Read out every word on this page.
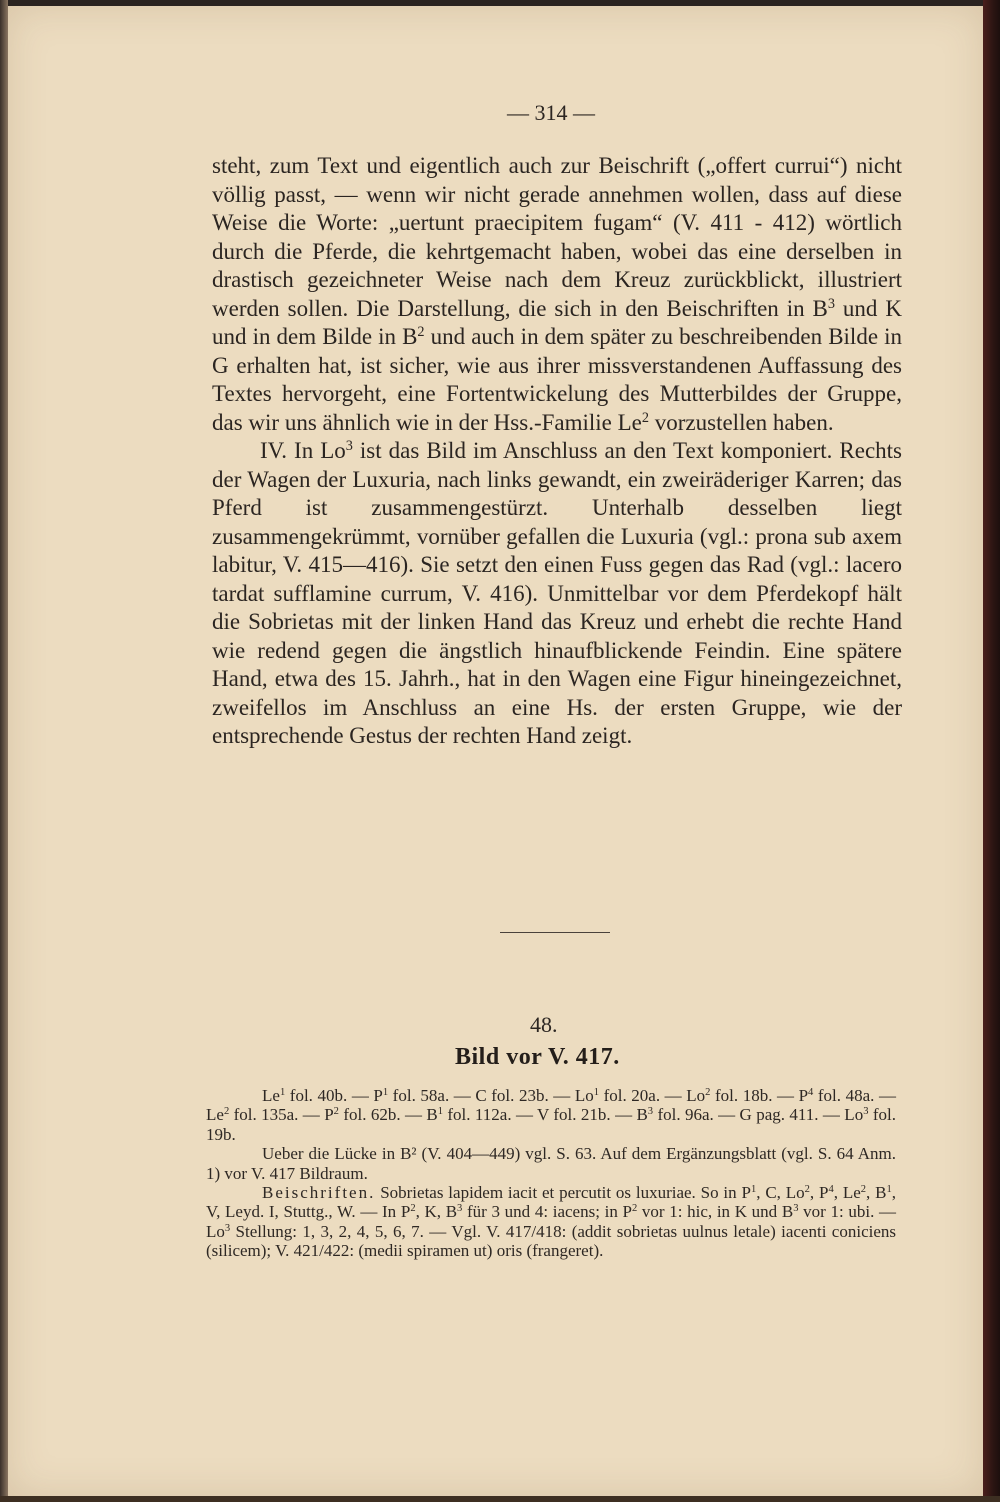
— 314 —

steht, zum Text und eigentlich auch zur Beischrift („offert currui“) nicht völlig passt, — wenn wir nicht gerade annehmen wollen, dass auf diese Weise die Worte: „uertunt praecipitem fugam“ (V. 411 - 412) wörtlich durch die Pferde, die kehrtgemacht haben, wobei das eine derselben in drastisch gezeichneter Weise nach dem Kreuz zurückblickt, illustriert werden sollen. Die Darstellung, die sich in den Beischriften in $B^3$ und K und in dem Bilde in $B^2$ und auch in dem später zu beschreibenden Bilde in G erhalten hat, ist sicher, wie aus ihrer missverstandenen Auffassung des Textes hervorgeht, eine Fortentwickelung des Mutterbildes der Gruppe, das wir uns ähnlich wie in der Hss.-Familie Le$^2$ vorzustellen haben.

IV. In Lo$^3$ ist das Bild im Anschluss an den Text komponiert. Rechts der Wagen der Luxuria, nach links gewandt, ein zweiräderiger Karren; das Pferd ist zusammengestürzt. Unterhalb desselben liegt zusammengekrümmt, vornüber gefallen die Luxuria (vgl.: prona sub axem labitur, V. 415—416). Sie setzt den einen Fuss gegen das Rad (vgl.: lacero tardat sufflamine currum, V. 416). Unmittelbar vor dem Pferdekopf hält die Sobrietas mit der linken Hand das Kreuz und erhebt die rechte Hand wie redend gegen die ängstlich hinaufblickende Feindin. Eine spätere Hand, etwa des 15. Jahrh., hat in den Wagen eine Figur hineingezeichnet, zweifellos im Anschluss an eine Hs. der ersten Gruppe, wie der entsprechende Gestus der rechten Hand zeigt.

48.

Bild vor V. 417.

Le$^1$ fol. 40b. — $P^1$ fol. 58a. — C fol. 23b. — Lo$^1$ fol. 20a. — Lo$^2$ fol. 18b. — $P^4$ fol. 48a. — Le$^2$ fol. 135a. — $P^2$ fol. 62b. — $B^1$ fol. 112a. — V fol. 21b. — $B^3$ fol. 96a. — G pag. 411. — Lo$^3$ fol. 19b.

Ueber die Lücke in B² (V. 404—449) vgl. S. 63. Auf dem Ergänzungsblatt (vgl. S. 64 Anm. 1) vor V. 417 Bildraum.

Beischriften. Sobrietas lapidem iacit et percutit os luxuriae. So in $P^1$, C, Lo$^2$, $P^4$, Le$^2$, $B^1$, V, Leyd. I, Stuttg., W. — In $P^2$, K, $B^3$ für 3 und 4: iacens; in $P^2$ vor 1: hic, in K und $B^3$ vor 1: ubi. — Lo$^3$ Stellung: 1, 3, 2, 4, 5, 6, 7. — Vgl. V. 417/418: (addit sobrietas uulnus letale) iacenti coniciens (silicem); V. 421/422: (medii spiramen ut) oris (frangeret).
